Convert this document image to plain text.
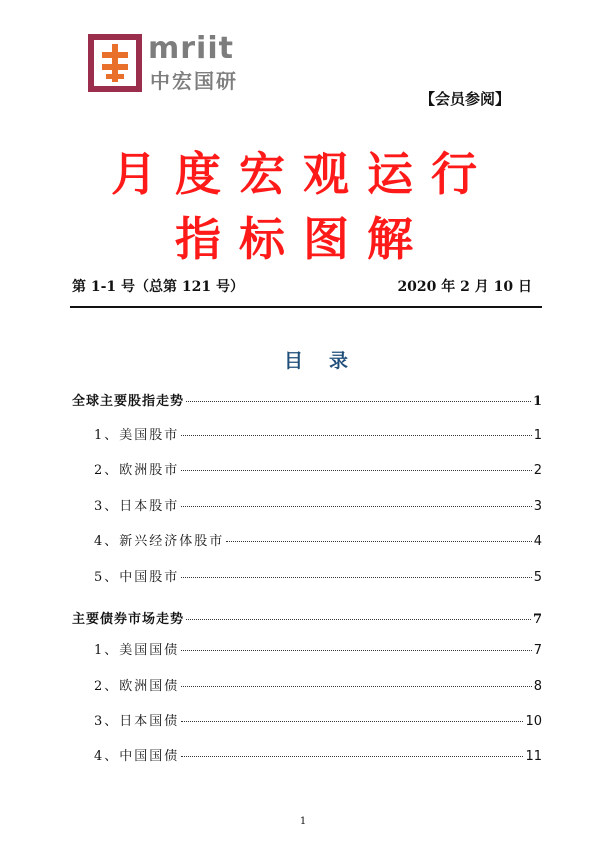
mriit
中宏国研
【会员参阅】
月度宏观运行
指标图解
第 1-1 号（总第 121 号）	2020 年 2 月 10 日
目录
全球主要股指走势	1
1、美国股市	1
2、欧洲股市	2
3、日本股市	3
4、新兴经济体股市	4
5、中国股市	5
主要债券市场走势	7
1、美国国债	7
2、欧洲国债	8
3、日本国债	10
4、中国国债	11
1
